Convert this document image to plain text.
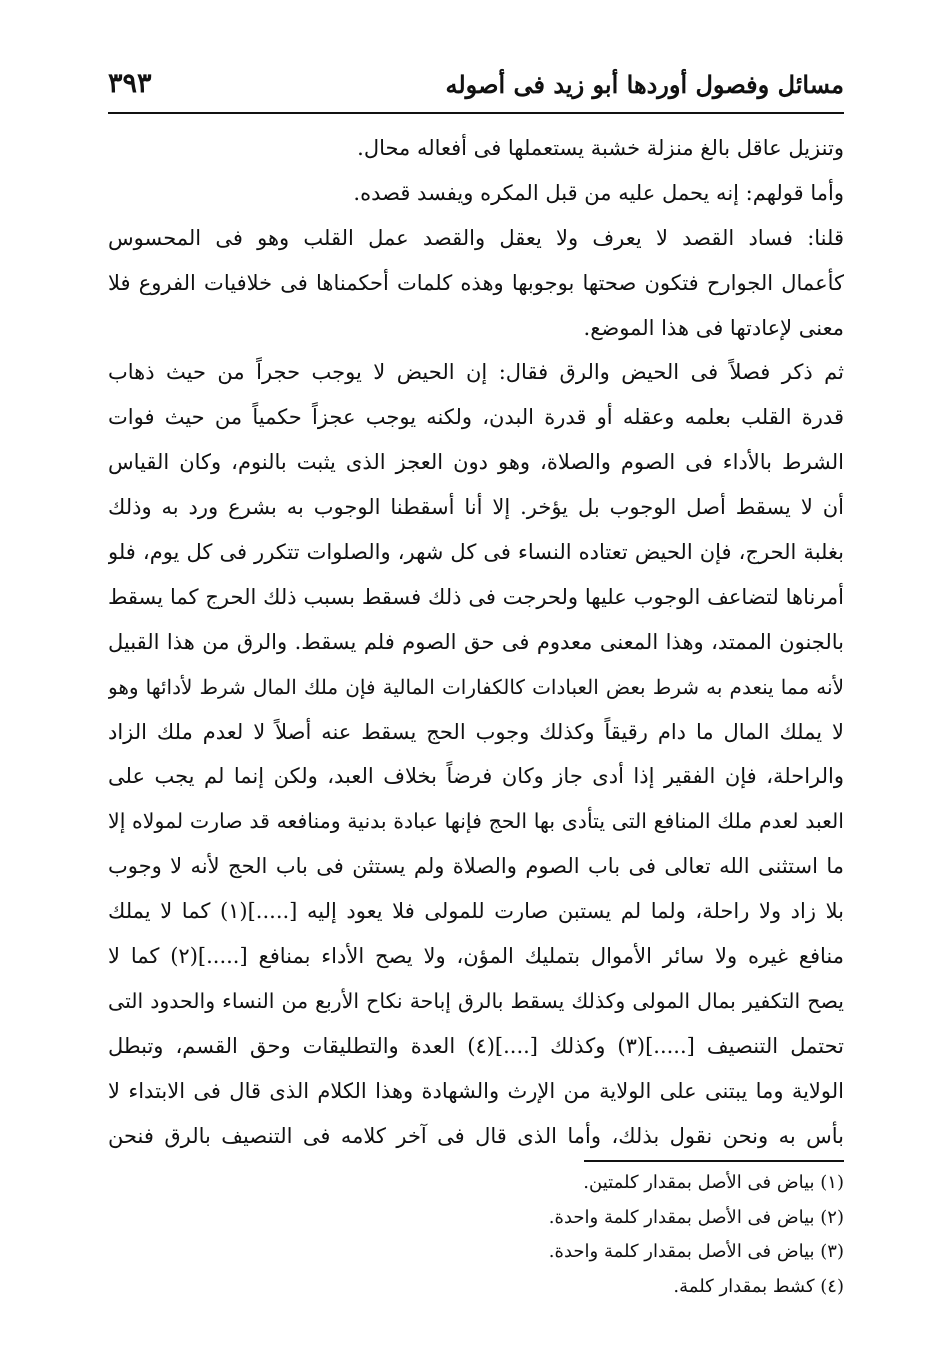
مسائل وفصول أوردها أبو زيد فى أصوله
٣٩٣
وتنزيل عاقل بالغ منزلة خشبة يستعملها فى أفعاله محال.
وأما قولهم: إنه يحمل عليه من قبل المكره ويفسد قصده.
قلنا: فساد القصد لا يعرف ولا يعقل والقصد عمل القلب وهو فى المحسوس
كأعمال الجوارح فتكون صحتها بوجوبها وهذه كلمات أحكمناها فى خلافيات الفروع فلا
معنى لإعادتها فى هذا الموضع.
ثم ذكر فصلاً فى الحيض والرق فقال: إن الحيض لا يوجب حجراً من حيث ذهاب
قدرة القلب بعلمه وعقله أو قدرة البدن، ولكنه يوجب عجزاً حكمياً من حيث فوات
الشرط بالأداء فى الصوم والصلاة، وهو دون العجز الذى يثبت بالنوم، وكان القياس
أن لا يسقط أصل الوجوب بل يؤخر. إلا أنا أسقطنا الوجوب به بشرع ورد به وذلك
بغلبة الحرج، فإن الحيض تعتاده النساء فى كل شهر، والصلوات تتكرر فى كل يوم، فلو
أمرناها لتضاعف الوجوب عليها ولحرجت فى ذلك فسقط بسبب ذلك الحرج كما يسقط
بالجنون الممتد، وهذا المعنى معدوم فى حق الصوم فلم يسقط. والرق من هذا القبيل
لأنه مما ينعدم به شرط بعض العبادات كالكفارات المالية فإن ملك المال شرط لأدائها وهو
لا يملك المال ما دام رقيقاً وكذلك وجوب الحج يسقط عنه أصلاً لا لعدم ملك الزاد
والراحلة، فإن الفقير إذا أدى جاز وكان فرضاً بخلاف العبد، ولكن إنما لم يجب على
العبد لعدم ملك المنافع التى يتأدى بها الحج فإنها عبادة بدنية ومنافعه قد صارت لمولاه إلا
ما استثنى الله تعالى فى باب الصوم والصلاة ولم يستثن فى باب الحج لأنه لا وجوب
بلا زاد ولا راحلة، ولما لم يستبن صارت للمولى فلا يعود إليه [.....](١) كما لا يملك
منافع غيره ولا سائر الأموال بتمليك المؤن، ولا يصح الأداء بمنافع [.....](٢) كما لا
يصح التكفير بمال المولى وكذلك يسقط بالرق إباحة نكاح الأربع من النساء والحدود التى
تحتمل التنصيف [.....](٣) وكذلك [....](٤) العدة والتطليقات وحق القسم، وتبطل
الولاية وما يبتنى على الولاية من الإرث والشهادة وهذا الكلام الذى قال فى الابتداء لا
بأس به ونحن نقول بذلك، وأما الذى قال فى آخر كلامه فى التنصيف بالرق فنحن
(١) بياض فى الأصل بمقدار كلمتين.
(٢) بياض فى الأصل بمقدار كلمة واحدة.
(٣) بياض فى الأصل بمقدار كلمة واحدة.
(٤) كشط بمقدار كلمة.
